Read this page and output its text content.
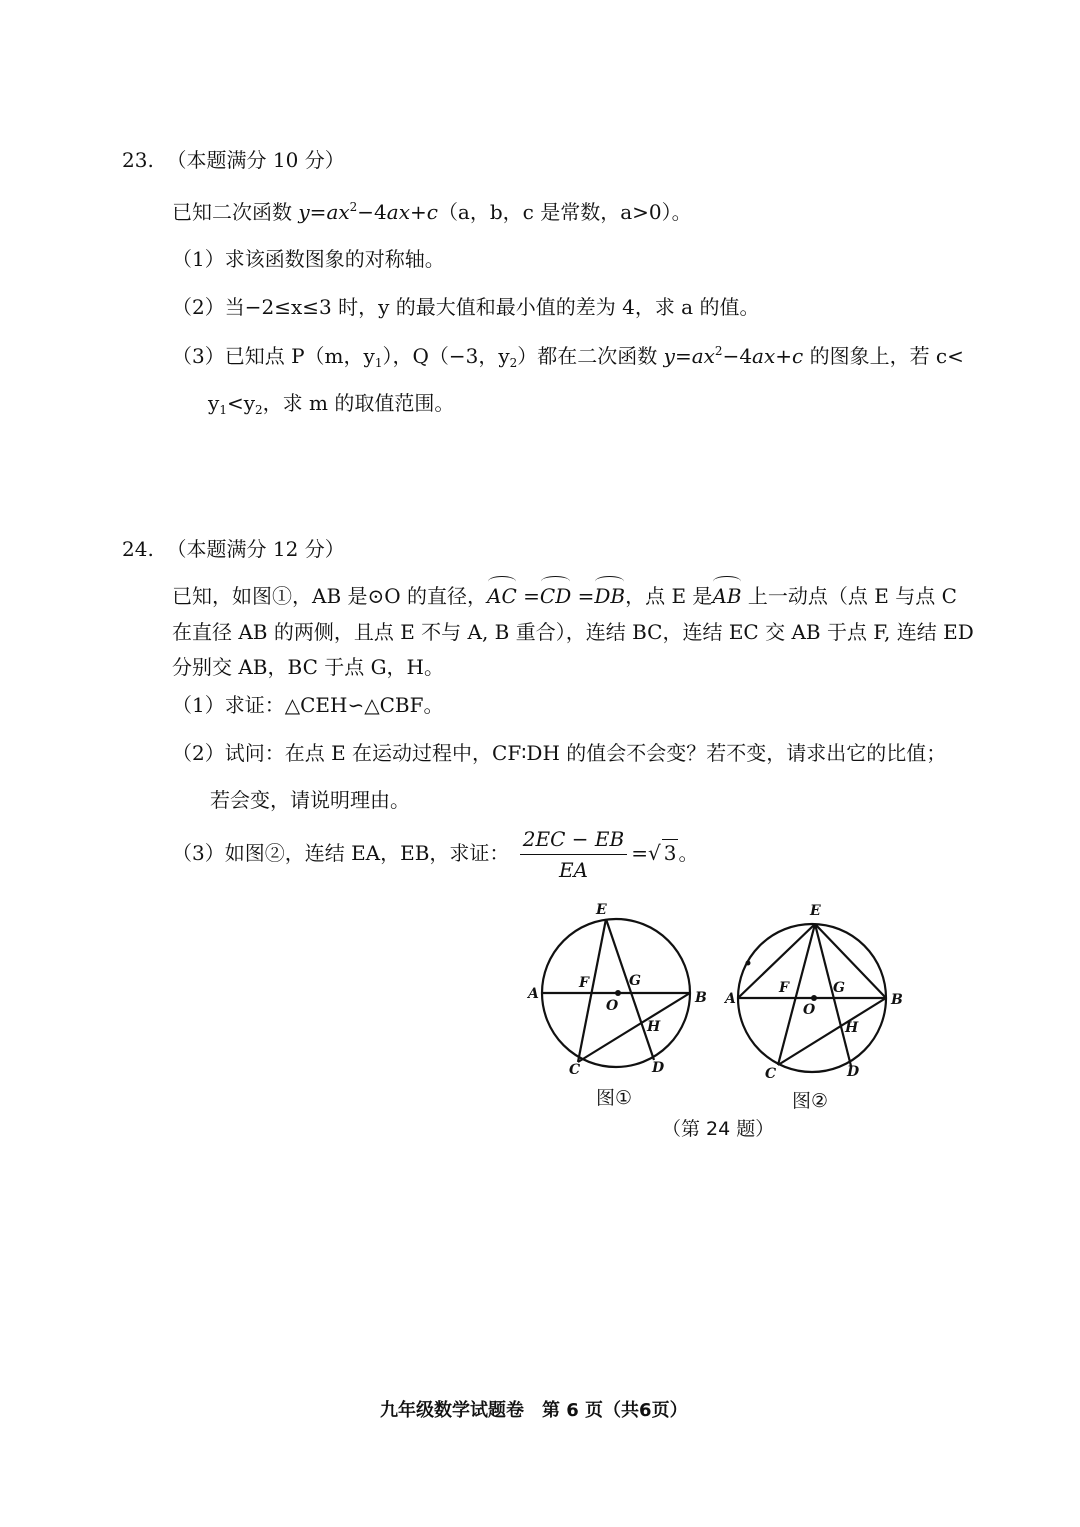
23. （本题满分 10 分）
已知二次函数 $y=ax^2-4ax+c(a$，b，c 是常数，a>0）。
（1）求该函数图象的对称轴。
（2）当−2≤x≤3 时，y 的最大值和最小值的差为 4，求 a 的值。
（3）已知点 P（m，$y_1$），Q（−3，$y_2$）都在二次函数 $y=ax^2-4ax+c$ 的图象上，若 c<
$y_1<y_2$，求 m 的取值范围。
24. （本题满分 12 分）
已知，如图①，AB 是⊙O 的直径，AC =CD =DB，点 E 是AB 上一动点（点 E 与点 C
在直径 AB 的两侧，且点 E 不与 A, B 重合），连结 BC，连结 EC 交 AB 于点 F, 连结 ED
分别交 AB，BC 于点 G，H。
（1）求证：△CEH∽△CBF。
（2）试问：在点 E 在运动过程中，CF∶DH 的值会不会变？若不变，请求出它的比值；
若会变，请说明理由。
（3）如图②，连结 EA，EB，求证： $\frac{2EC - EB}{EA}$ =√ 3 。
E
F	G
A
O	B
H
C	D
E
F	G
A
O
B
H
C	D
图①	图②
（第 24 题）
九年级数学试题卷　第 6 页（共6页）
